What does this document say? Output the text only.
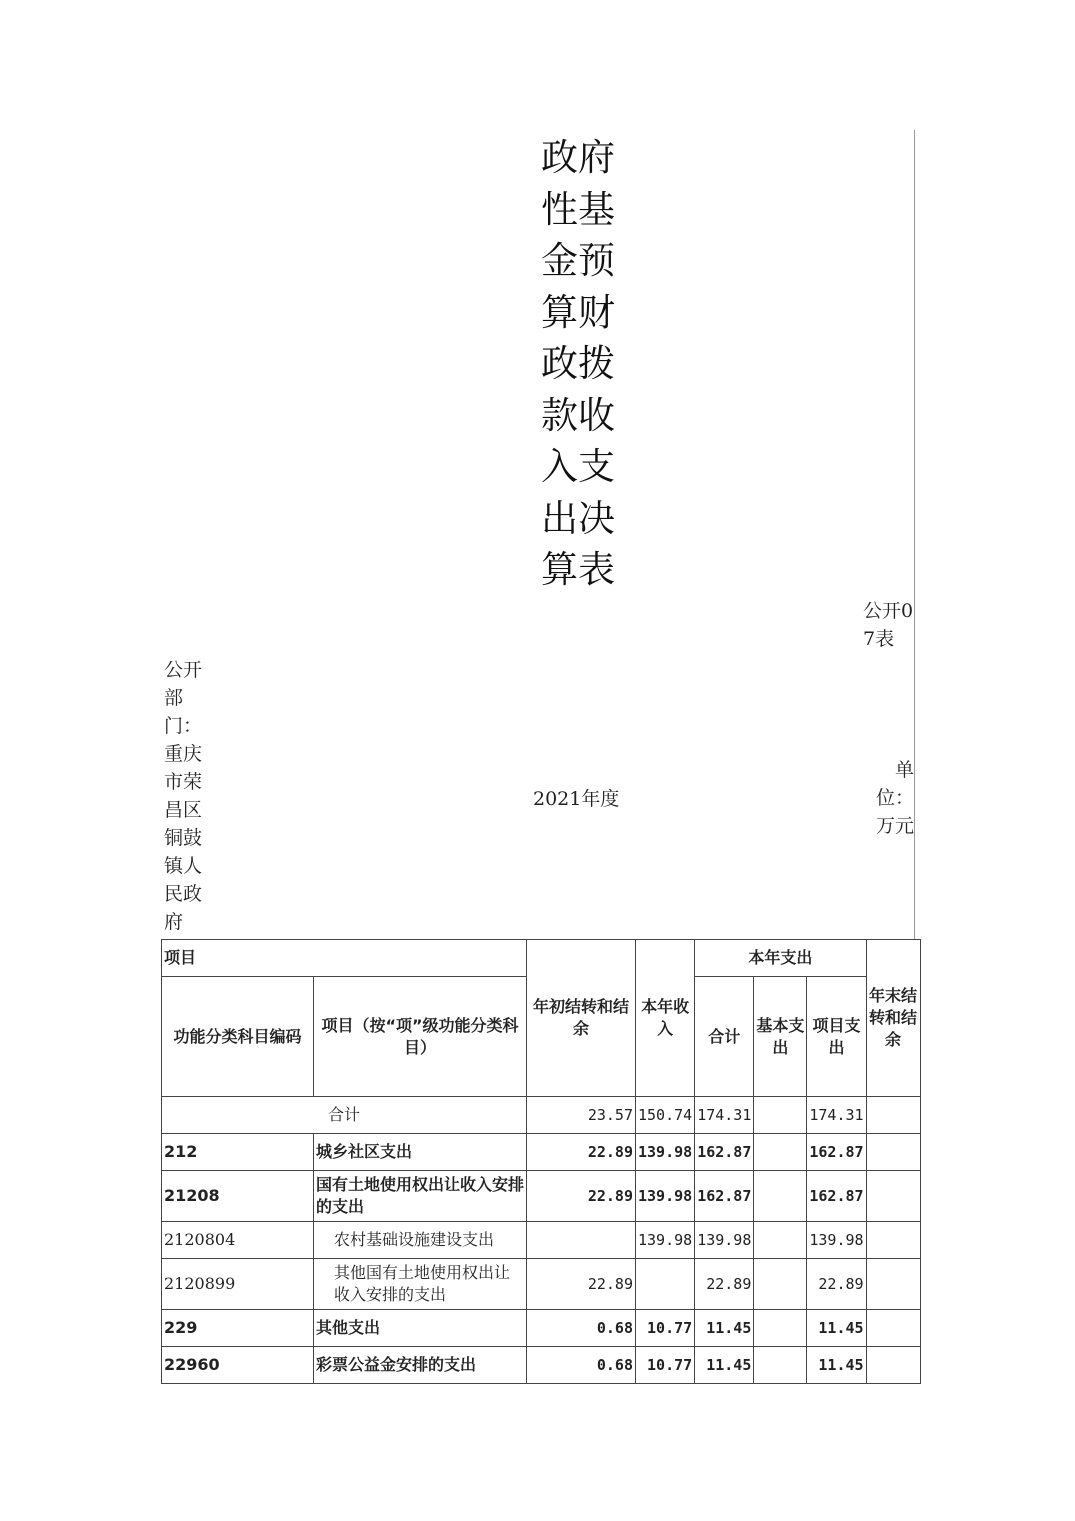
政府性基金预算财政拨款收入支出决算表
公开07表
公开部门：重庆市荣昌区铜鼓镇人民政府
2021年度
单位：万元
项目		年初结转和结余	本年收入	本年支出			年末结转和结余
功能分类科目编码	项目（按“项”级功能分类科目）			合计	基本支出	项目支出	
合计		23.57	150.74	174.31		174.31	
212	城乡社区支出	22.89	139.98	162.87		162.87	
21208	国有土地使用权出让收入安排的支出	22.89	139.98	162.87		162.87	
2120804	农村基础设施建设支出		139.98	139.98		139.98	
2120899	其他国有土地使用权出让收入安排的支出	22.89		22.89		22.89	
229	其他支出	0.68	10.77	11.45		11.45	
22960	彩票公益金安排的支出	0.68	10.77	11.45		11.45	
